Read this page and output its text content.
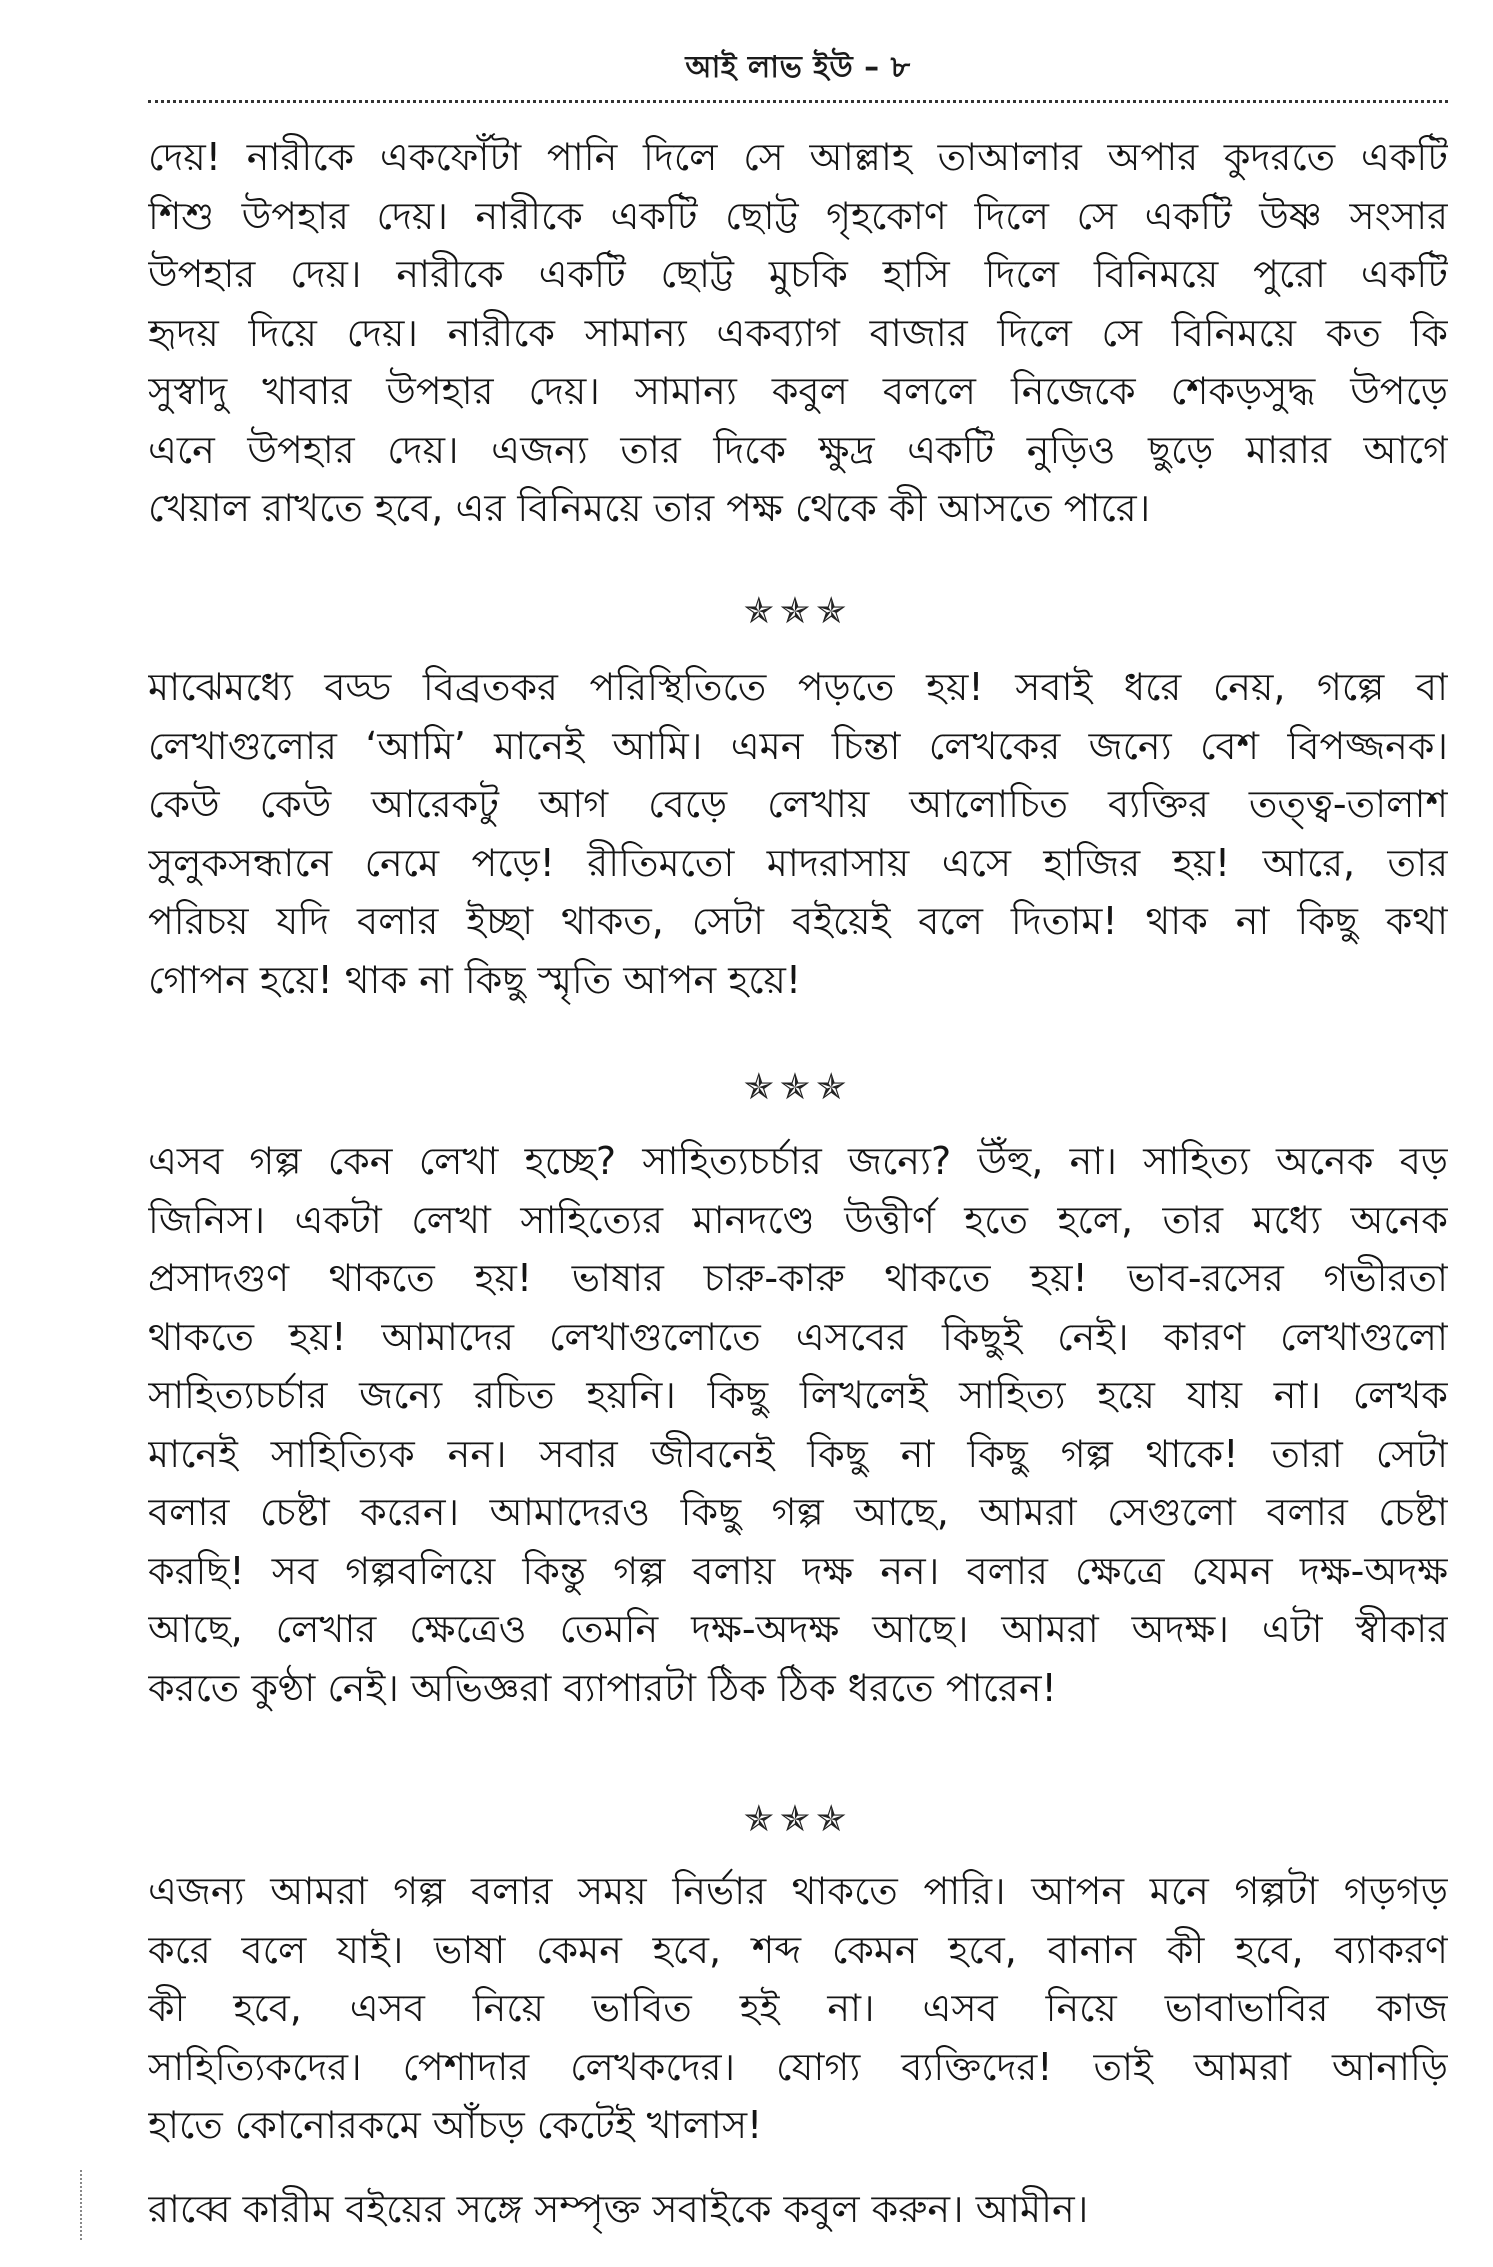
আই লাভ ইউ – ৮
দেয়! নারীকে একফোঁটা পানি দিলে সে আল্লাহ তাআলার অপার কুদরতে একটি
শিশু উপহার দেয়। নারীকে একটি ছোট্ট গৃহকোণ দিলে সে একটি উষ্ণ সংসার
উপহার দেয়। নারীকে একটি ছোট্ট মুচকি হাসি দিলে বিনিময়ে পুরো একটি
হৃদয় দিয়ে দেয়। নারীকে সামান্য একব্যাগ বাজার দিলে সে বিনিময়ে কত কি
সুস্বাদু খাবার উপহার দেয়। সামান্য কবুল বললে নিজেকে শেকড়সুদ্ধ উপড়ে
এনে উপহার দেয়। এজন্য তার দিকে ক্ষুদ্র একটি নুড়িও ছুড়ে মারার আগে
খেয়াল রাখতে হবে, এর বিনিময়ে তার পক্ষ থেকে কী আসতে পারে।
✯✯✯
মাঝেমধ্যে বড্ড বিব্রতকর পরিস্থিতিতে পড়তে হয়! সবাই ধরে নেয়, গল্পে বা
লেখাগুলোর ‘আমি’ মানেই আমি। এমন চিন্তা লেখকের জন্যে বেশ বিপজ্জনক।
কেউ কেউ আরেকটু আগ বেড়ে লেখায় আলোচিত ব্যক্তির তত্ত্ব-তালাশ
সুলুকসন্ধানে নেমে পড়ে! রীতিমতো মাদরাসায় এসে হাজির হয়! আরে, তার
পরিচয় যদি বলার ইচ্ছা থাকত, সেটা বইয়েই বলে দিতাম! থাক না কিছু কথা
গোপন হয়ে! থাক না কিছু স্মৃতি আপন হয়ে!
✯✯✯
এসব গল্প কেন লেখা হচ্ছে? সাহিত্যচর্চার জন্যে? উঁহু, না। সাহিত্য অনেক বড়
জিনিস। একটা লেখা সাহিত্যের মানদণ্ডে উত্তীর্ণ হতে হলে, তার মধ্যে অনেক
প্রসাদগুণ থাকতে হয়! ভাষার চারু-কারু থাকতে হয়! ভাব-রসের গভীরতা
থাকতে হয়! আমাদের লেখাগুলোতে এসবের কিছুই নেই। কারণ লেখাগুলো
সাহিত্যচর্চার জন্যে রচিত হয়নি। কিছু লিখলেই সাহিত্য হয়ে যায় না। লেখক
মানেই সাহিত্যিক নন। সবার জীবনেই কিছু না কিছু গল্প থাকে! তারা সেটা
বলার চেষ্টা করেন। আমাদেরও কিছু গল্প আছে, আমরা সেগুলো বলার চেষ্টা
করছি! সব গল্পবলিয়ে কিন্তু গল্প বলায় দক্ষ নন। বলার ক্ষেত্রে যেমন দক্ষ-অদক্ষ
আছে, লেখার ক্ষেত্রেও তেমনি দক্ষ-অদক্ষ আছে। আমরা অদক্ষ। এটা স্বীকার
করতে কুণ্ঠা নেই। অভিজ্ঞরা ব্যাপারটা ঠিক ঠিক ধরতে পারেন!
✯✯✯
এজন্য আমরা গল্প বলার সময় নির্ভার থাকতে পারি। আপন মনে গল্পটা গড়গড়
করে বলে যাই। ভাষা কেমন হবে, শব্দ কেমন হবে, বানান কী হবে, ব্যাকরণ
কী হবে, এসব নিয়ে ভাবিত হই না। এসব নিয়ে ভাবাভাবির কাজ
সাহিত্যিকদের। পেশাদার লেখকদের। যোগ্য ব্যক্তিদের! তাই আমরা আনাড়ি
হাতে কোনোরকমে আঁচড় কেটেই খালাস!
রাব্বে কারীম বইয়ের সঙ্গে সম্পৃক্ত সবাইকে কবুল করুন। আমীন।
